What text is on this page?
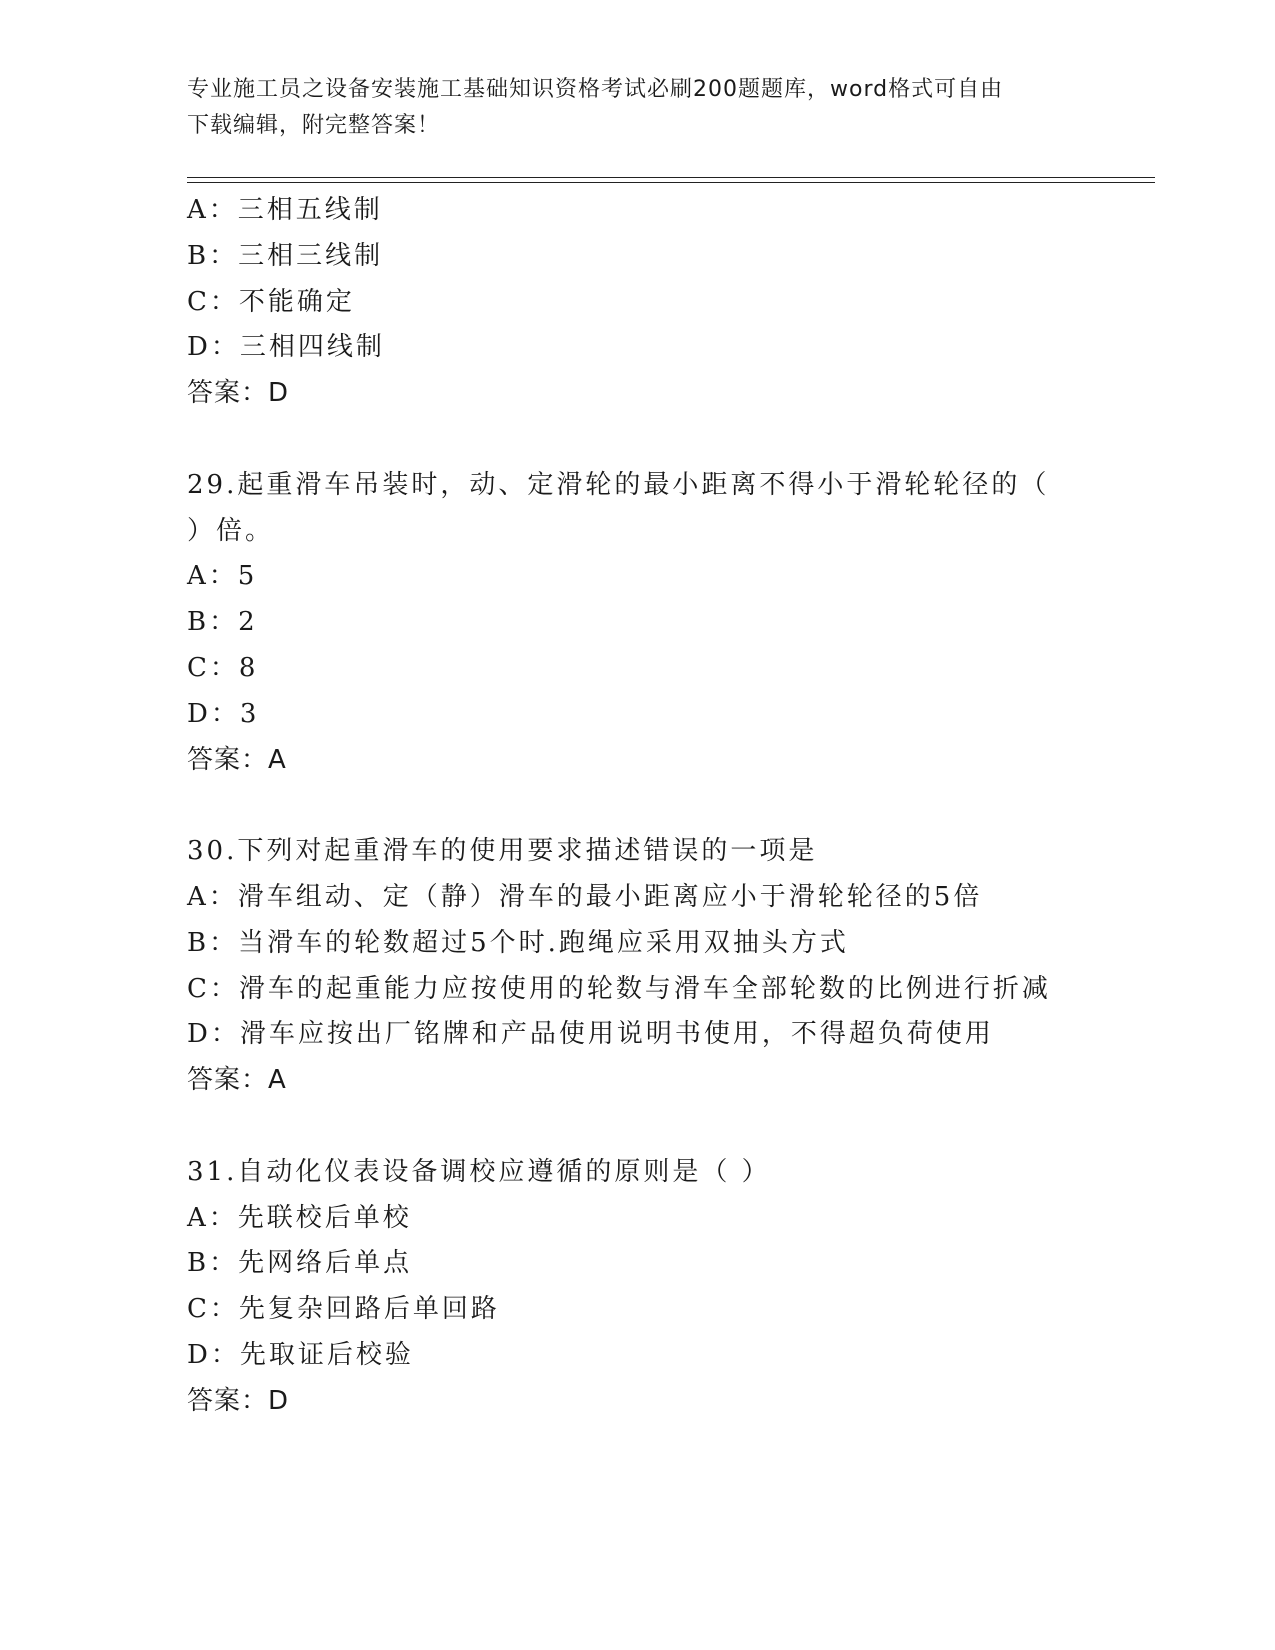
专业施工员之设备安装施工基础知识资格考试必刷200题题库，word格式可自由
下载编辑，附完整答案！
A：三相五线制
B：三相三线制
C：不能确定
D：三相四线制
答案：D
29.起重滑车吊装时，动、定滑轮的最小距离不得小于滑轮轮径的（
）倍。
A：5
B：2
C：8
D：3
答案：A
30.下列对起重滑车的使用要求描述错误的一项是
A：滑车组动、定（静）滑车的最小距离应小于滑轮轮径的5倍
B：当滑车的轮数超过5个时.跑绳应采用双抽头方式
C：滑车的起重能力应按使用的轮数与滑车全部轮数的比例进行折减
D：滑车应按出厂铭牌和产品使用说明书使用，不得超负荷使用
答案：A
31.自动化仪表设备调校应遵循的原则是（ ）
A：先联校后单校
B：先网络后单点
C：先复杂回路后单回路
D：先取证后校验
答案：D
